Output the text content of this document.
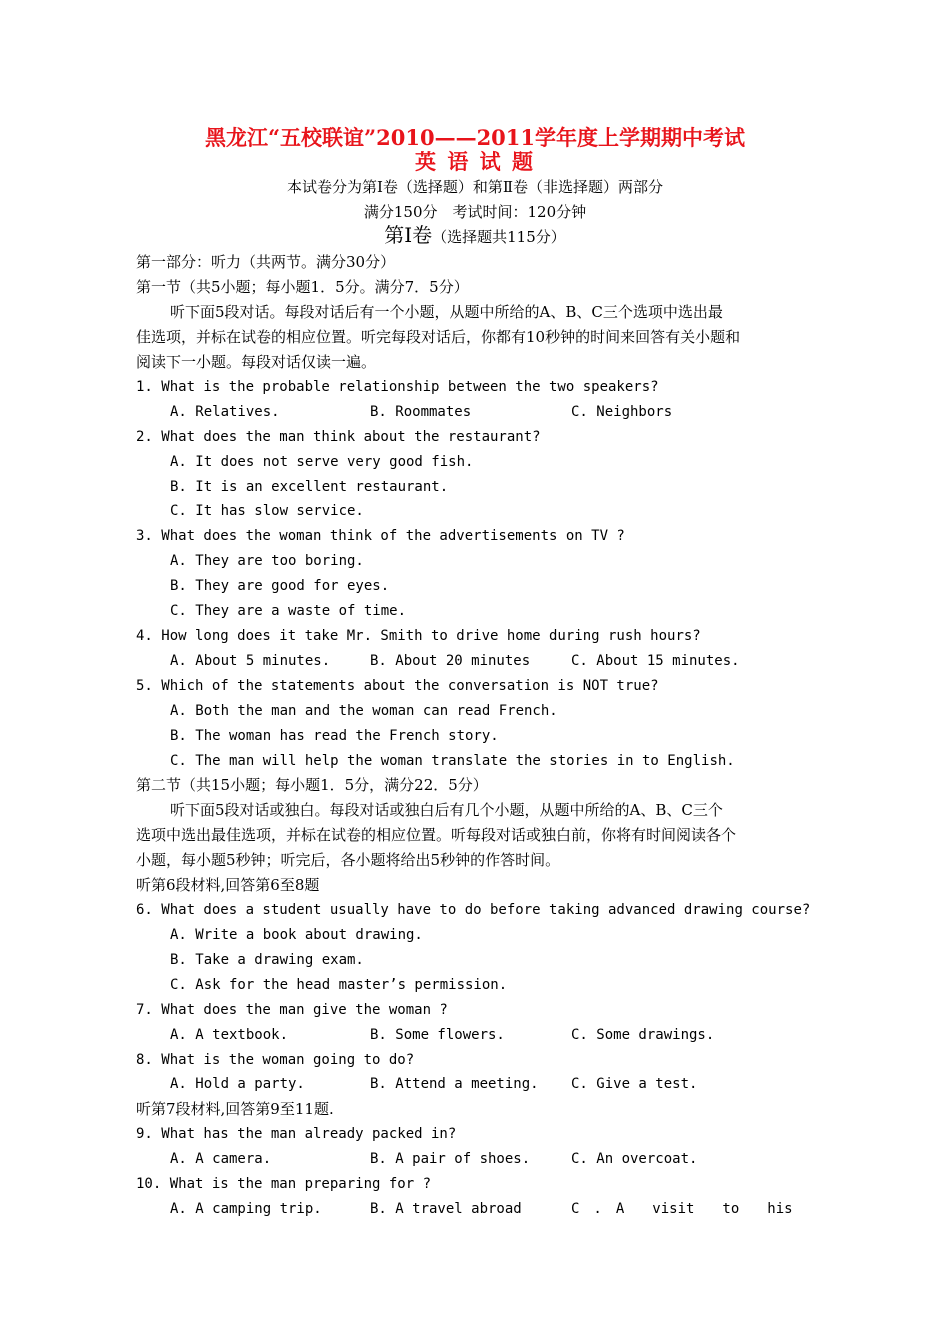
黑龙江“五校联谊”2010——2011学年度上学期期中考试
英 语 试 题
本试卷分为第Ⅰ卷（选择题）和第Ⅱ卷（非选择题）两部分
满分150分　考试时间：120分钟
第Ⅰ卷（选择题共115分）
第一部分：听力（共两节。满分30分）
第一节（共5小题；每小题1．5分。满分7．5分）
听下面5段对话。每段对话后有一个小题，从题中所给的A、B、C三个选项中选出最
佳选项，并标在试卷的相应位置。听完每段对话后，你都有10秒钟的时间来回答有关小题和
阅读下一小题。每段对话仅读一遍。
1. What is the probable relationship between the two speakers?
A. Relatives.	B. Roommates	C. Neighbors
2. What does the man think about the restaurant?
A. It does not serve very good fish.
B. It is an excellent restaurant.
C. It has slow service.
3. What does the woman think of the advertisements on TV ?
A. They are too boring.
B. They are good for eyes.
C. They are a waste of time.
4. How long does it take Mr. Smith to drive home during rush hours?
A. About 5 minutes.	B. About 20 minutes	C. About 15 minutes.
5. Which of the statements about the conversation is NOT true?
A. Both the man and the woman can read French.
B. The woman has read the French story.
C. The man will help the woman translate the stories in to English.
第二节（共15小题；每小题1．5分，满分22．5分）
听下面5段对话或独白。每段对话或独白后有几个小题，从题中所给的A、B、C三个
选项中选出最佳选项，并标在试卷的相应位置。听每段对话或独白前，你将有时间阅读各个
小题，每小题5秒钟；听完后，各小题将给出5秒钟的作答时间。
听第6段材料,回答第6至8题
6. What does a student usually have to do before taking advanced drawing course?
A. Write a book about drawing.
B. Take a drawing exam.
C. Ask for the head master’s permission.
7. What does the man give the woman ?
A. A textbook.	B. Some flowers.	C. Some drawings.
8. What is the woman going to do?
A. Hold a party.	B. Attend a meeting. C. Give a test.
听第7段材料,回答第9至11题.
9. What has the man already packed in?
A. A camera.	B. A pair of shoes.	C. An overcoat.
10. What is the man preparing for ?
A. A camping trip.	B. A travel abroad	C　.　A　　visit　　to　　his
